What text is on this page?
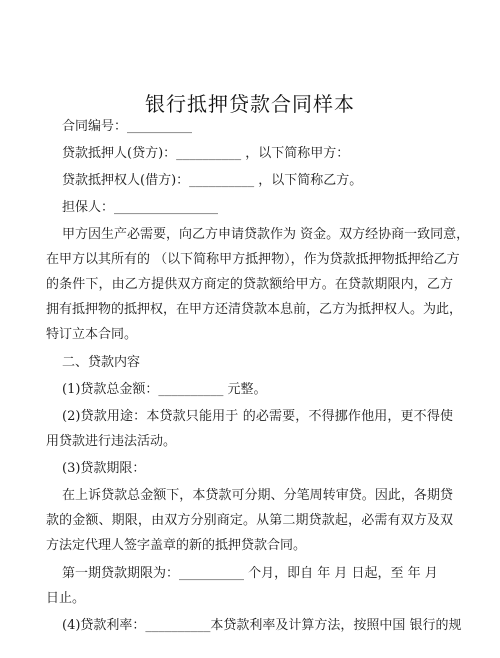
银行抵押贷款合同样本
合同编号：__________
贷款抵押人(贷方)：__________ ，以下简称甲方：
贷款抵押权人(借方)：__________ ，以下简称乙方。
担保人：________________
甲方因生产必需要，向乙方申请贷款作为 资金。双方经协商一致同意，
在甲方以其所有的 （以下简称甲方抵押物），作为贷款抵押物抵押给乙方
的条件下，由乙方提供双方商定的贷款额给甲方。在贷款期限内，乙方
拥有抵押物的抵押权，在甲方还清贷款本息前，乙方为抵押权人。为此，
特订立本合同。
二、贷款内容
(1)贷款总金额：__________ 元整。
(2)贷款用途：本贷款只能用于 的必需要，不得挪作他用，更不得使
用贷款进行违法活动。
(3)贷款期限：
在上诉贷款总金额下，本贷款可分期、分笔周转审贷。因此，各期贷
款的金额、期限，由双方分别商定。从第二期贷款起，必需有双方及双
方法定代理人签字盖章的新的抵押贷款合同。
第一期贷款期限为：__________ 个月，即自 年 月 日起，至 年 月
日止。
(4)贷款利率：__________本贷款利率及计算方法，按照中国 银行的规
